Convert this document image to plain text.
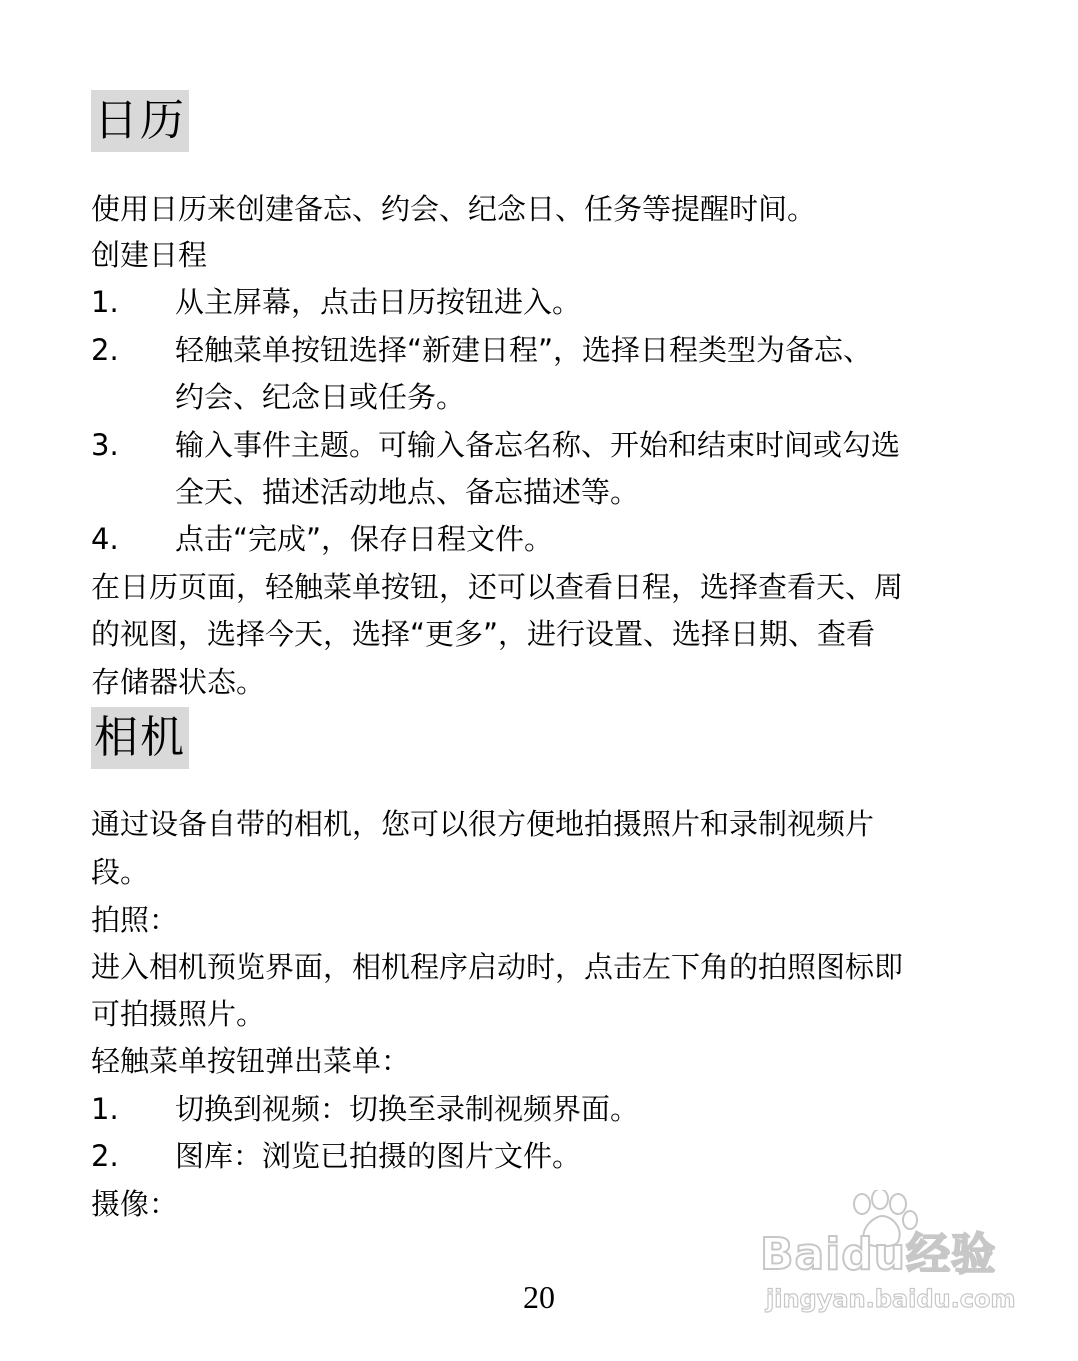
日历
使用日历来创建备忘、约会、纪念日、任务等提醒时间。
创建日程
1. 从主屏幕，点击日历按钮进入。
2. 轻触菜单按钮选择“新建日程”，选择日程类型为备忘、
约会、纪念日或任务。
3. 输入事件主题。可输入备忘名称、开始和结束时间或勾选
全天、描述活动地点、备忘描述等。
4. 点击“完成”，保存日程文件。
在日历页面，轻触菜单按钮，还可以查看日程，选择查看天、周
的视图，选择今天，选择“更多”，进行设置、选择日期、查看
存储器状态。
相机
通过设备自带的相机，您可以很方便地拍摄照片和录制视频片
段。
拍照：
进入相机预览界面，相机程序启动时，点击左下角的拍照图标即
可拍摄照片。
轻触菜单按钮弹出菜单：
1. 切换到视频：切换至录制视频界面。
2. 图库：浏览已拍摄的图片文件。
摄像：
20
Baidu经验
jingyan.baidu.com
